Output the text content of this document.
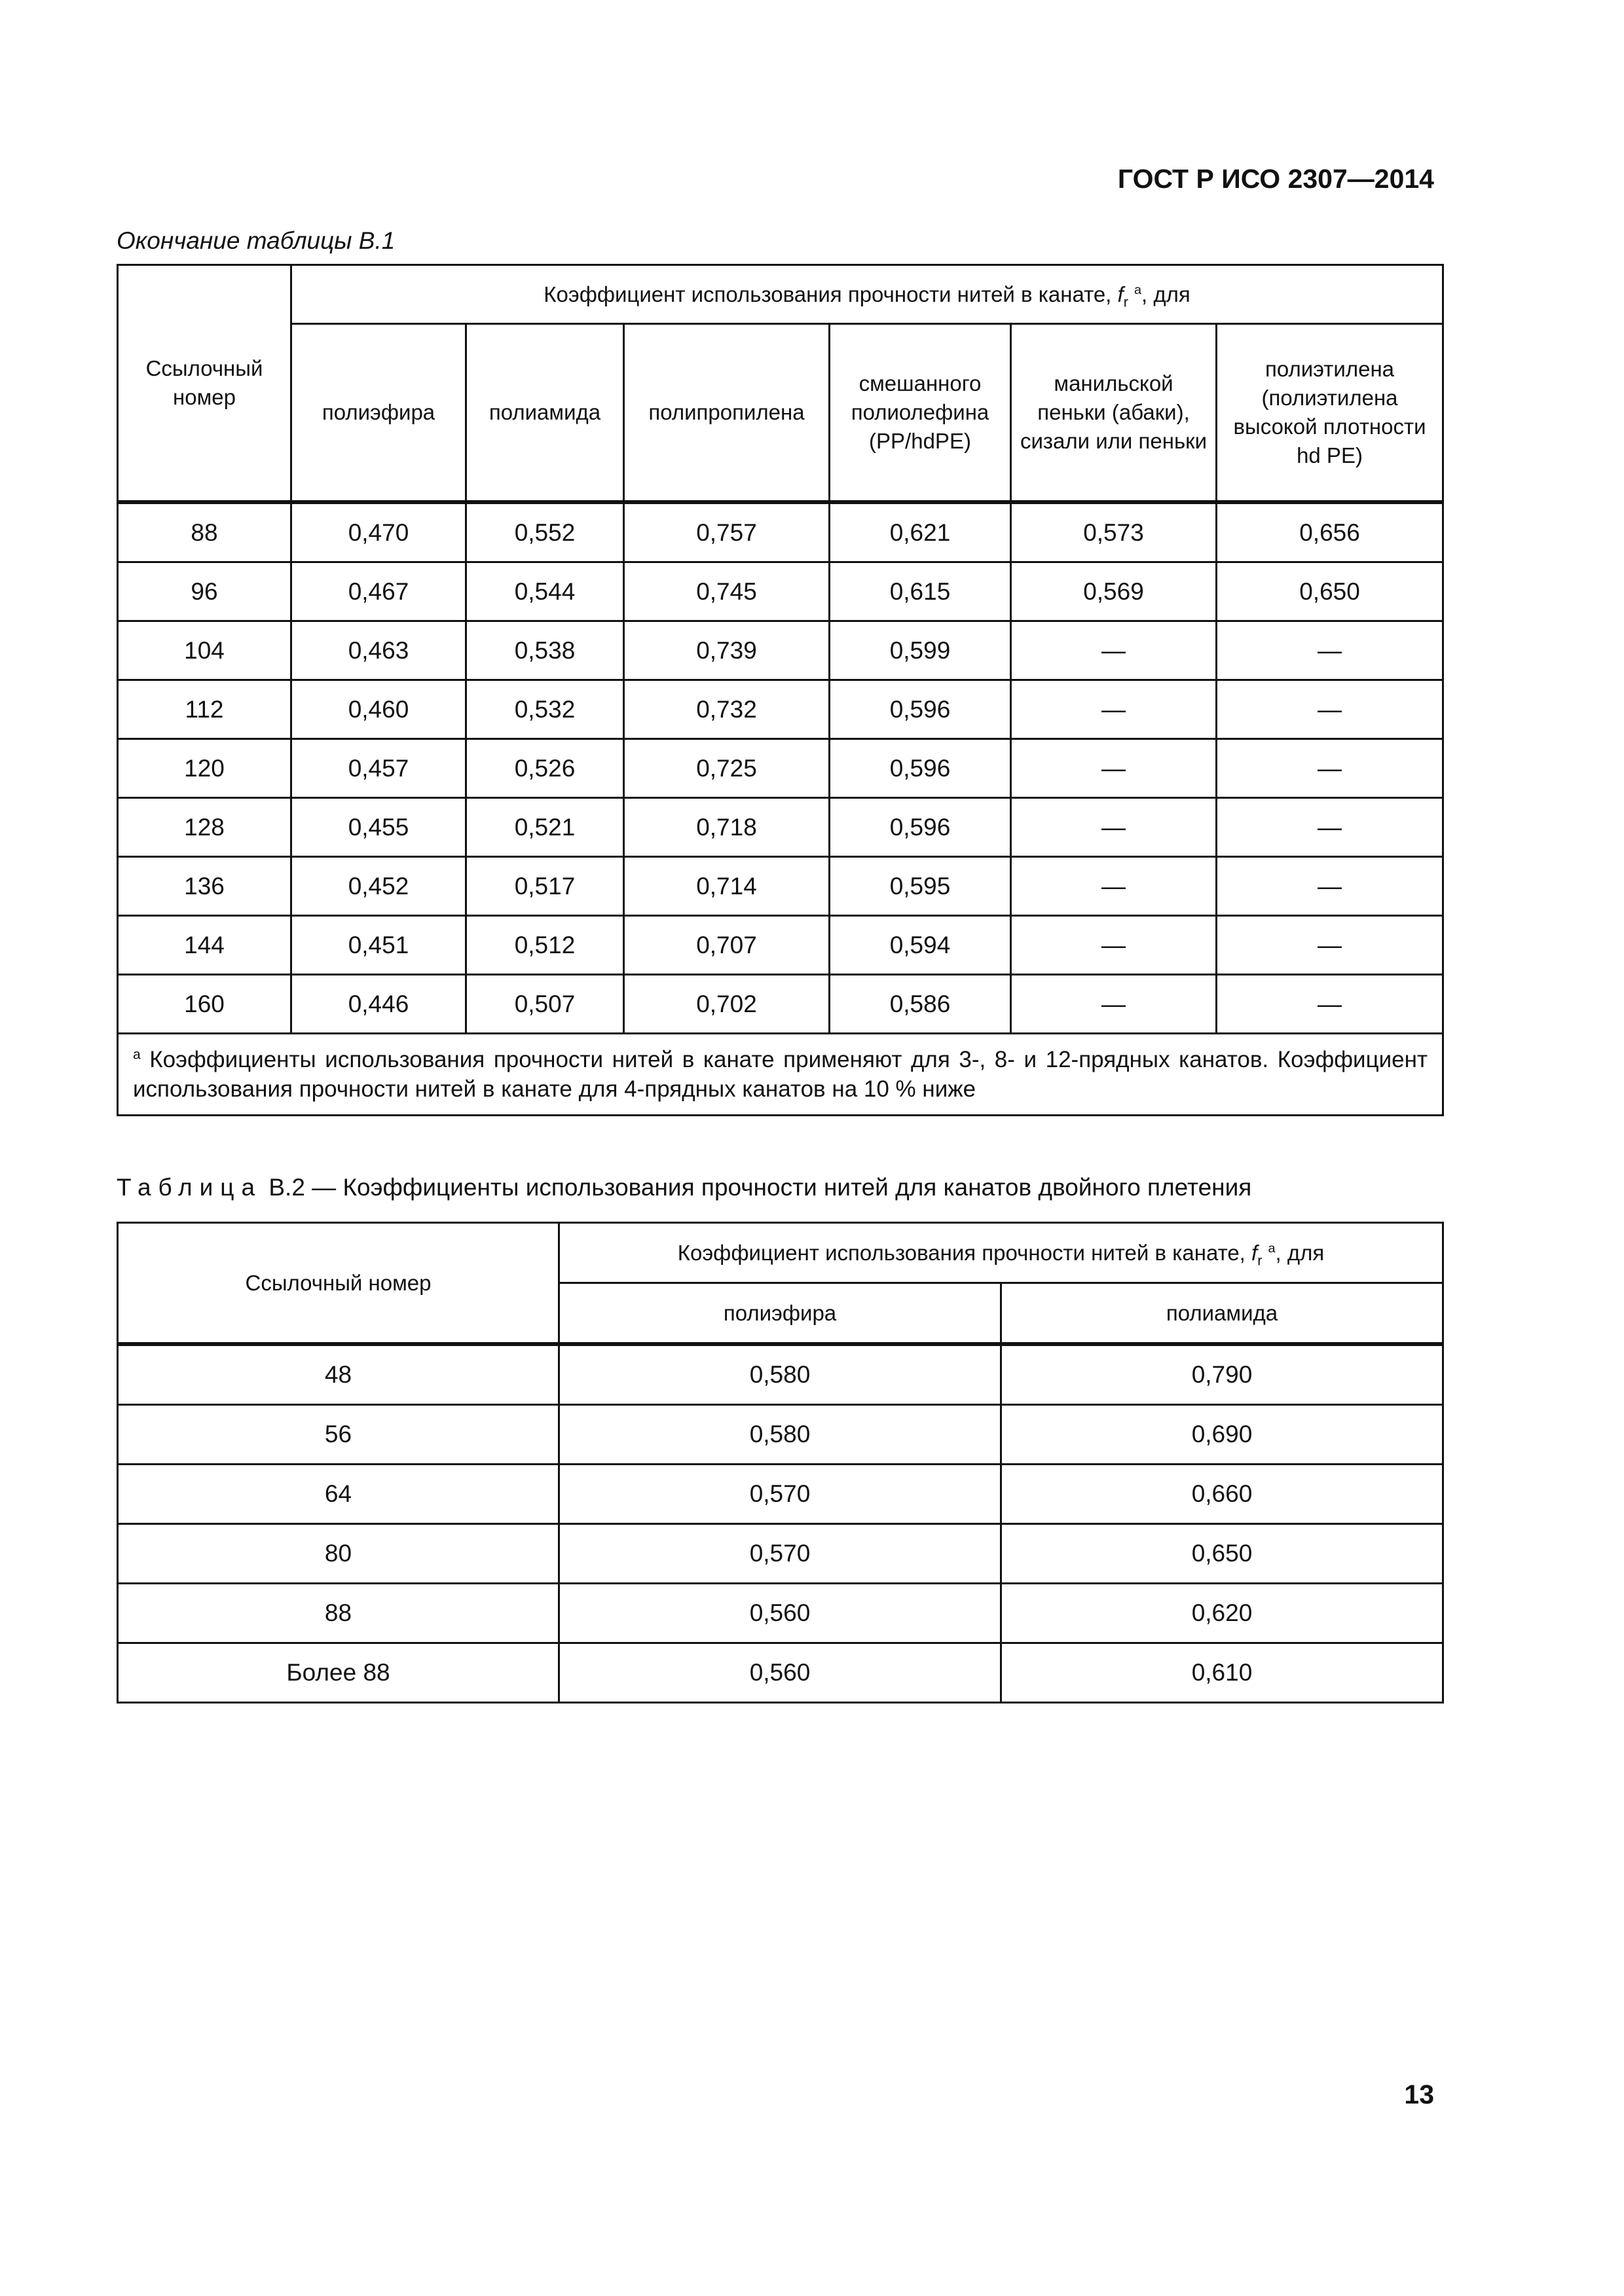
ГОСТ Р ИСО 2307—2014
Окончание таблицы В.1
Ссылочный номер	Коэффициент использования прочности нитей в канате, $f_r$ $^a$, для					
	полиэфира	полиамида	полипропилена	смешанного полиолефина (PP/hdPE)	манильской пеньки (абаки), сизали или пеньки	полиэтилена (полиэтилена высокой плотности hd PE)
88	0,470	0,552	0,757	0,621	0,573	0,656
96	0,467	0,544	0,745	0,615	0,569	0,650
104	0,463	0,538	0,739	0,599	—	—
112	0,460	0,532	0,732	0,596	—	—
120	0,457	0,526	0,725	0,596	—	—
128	0,455	0,521	0,718	0,596	—	—
136	0,452	0,517	0,714	0,595	—	—
144	0,451	0,512	0,707	0,594	—	—
160	0,446	0,507	0,702	0,586	—	—
$^a$ Коэффициенты использования прочности нитей в канате применяют для 3-, 8- и 12-прядных канатов. Коэффициент использования прочности нитей в канате для 4-прядных канатов на 10 % ниже						
Таблица В.2 — Коэффициенты использования прочности нитей для канатов двойного плетения
Ссылочный номер	Коэффициент использования прочности нитей в канате, $f_r$ $^a$, для	
	полиэфира	полиамида
48	0,580	0,790
56	0,580	0,690
64	0,570	0,660
80	0,570	0,650
88	0,560	0,620
Более 88	0,560	0,610
13
